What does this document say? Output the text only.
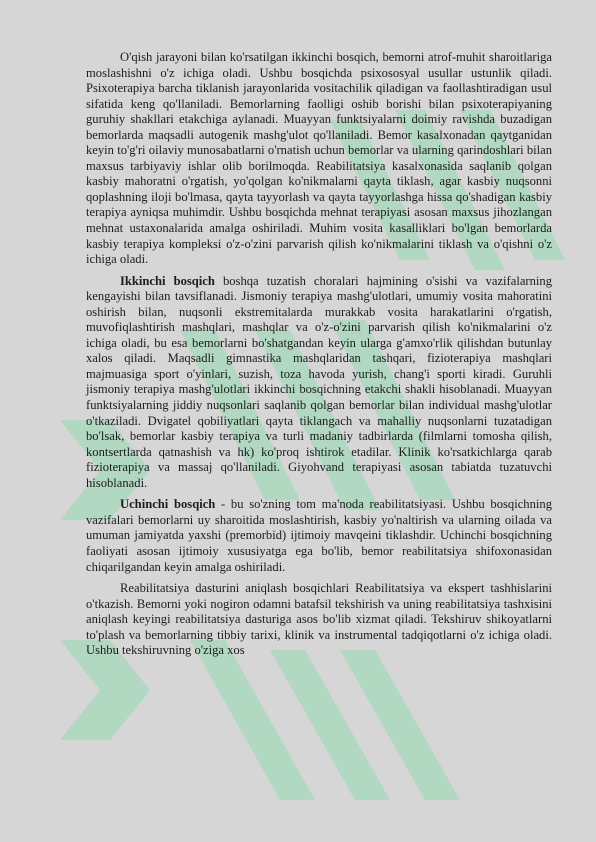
O'qish jarayoni bilan ko'rsatilgan ikkinchi bosqich, bemorni atrof-muhit sharoitlariga moslashishni o'z ichiga oladi. Ushbu bosqichda psixososyal usullar ustunlik qiladi. Psixoterapiya barcha tiklanish jarayonlarida vositachilik qiladigan va faollashtiradigan usul sifatida keng qo'llaniladi. Bemorlarning faolligi oshib borishi bilan psixoterapiyaning guruhiy shakllari etakchiga aylanadi. Muayyan funktsiyalarni doimiy ravishda buzadigan bemorlarda maqsadli autogenik mashg'ulot qo'llaniladi. Bemor kasalxonadan qaytganidan keyin to'g'ri oilaviy munosabatlarni o'rnatish uchun bemorlar va ularning qarindoshlari bilan maxsus tarbiyaviy ishlar olib borilmoqda. Reabilitatsiya kasalxonasida saqlanib qolgan kasbiy mahoratni o'rgatish, yo'qolgan ko'nikmalarni qayta tiklash, agar kasbiy nuqsonni qoplashning iloji bo'lmasa, qayta tayyorlash va qayta tayyorlashga hissa qo'shadigan kasbiy terapiya ayniqsa muhimdir. Ushbu bosqichda mehnat terapiyasi asosan maxsus jihozlangan mehnat ustaxonalarida amalga oshiriladi. Muhim vosita kasalliklari bo'lgan bemorlarda kasbiy terapiya kompleksi o'z-o'zini parvarish qilish ko'nikmalarini tiklash va o'qishni o'z ichiga oladi.

Ikkinchi bosqich boshqa tuzatish choralari hajmining o'sishi va vazifalarning kengayishi bilan tavsiflanadi. Jismoniy terapiya mashg'ulotlari, umumiy vosita mahoratini oshirish bilan, nuqsonli ekstremitalarda murakkab vosita harakatlarini o'rgatish, muvofiqlashtirish mashqlari, mashqlar va o'z-o'zini parvarish qilish ko'nikmalarini o'z ichiga oladi, bu esa bemorlarni bo'shatgandan keyin ularga g'amxo'rlik qilishdan butunlay xalos qiladi. Maqsadli gimnastika mashqlaridan tashqari, fizioterapiya mashqlari majmuasiga sport o'yinlari, suzish, toza havoda yurish, chang'i sporti kiradi. Guruhli jismoniy terapiya mashg'ulotlari ikkinchi bosqichning etakchi shakli hisoblanadi. Muayyan funktsiyalarning jiddiy nuqsonlari saqlanib qolgan bemorlar bilan individual mashg'ulotlar o'tkaziladi. Dvigatel qobiliyatlari qayta tiklangach va mahalliy nuqsonlarni tuzatadigan bo'lsak, bemorlar kasbiy terapiya va turli madaniy tadbirlarda (filmlarni tomosha qilish, kontsertlarda qatnashish va hk) ko'proq ishtirok etadilar. Klinik ko'rsatkichlarga qarab fizioterapiya va massaj qo'llaniladi. Giyohvand terapiyasi asosan tabiatda tuzatuvchi hisoblanadi.

Uchinchi bosqich - bu so'zning tom ma'noda reabilitatsiyasi. Ushbu bosqichning vazifalari bemorlarni uy sharoitida moslashtirish, kasbiy yo'naltirish va ularning oilada va umuman jamiyatda yaxshi (premorbid) ijtimoiy mavqeini tiklashdir. Uchinchi bosqichning faoliyati asosan ijtimoiy xususiyatga ega bo'lib, bemor reabilitatsiya shifoxonasidan chiqarilgandan keyin amalga oshiriladi.

Reabilitatsiya dasturini aniqlash bosqichlari Reabilitatsiya va ekspert tashhislarini o'tkazish. Bemorni yoki nogiron odamni batafsil tekshirish va uning reabilitatsiya tashxisini aniqlash keyingi reabilitatsiya dasturiga asos bo'lib xizmat qiladi. Tekshiruv shikoyatlarni to'plash va bemorlarning tibbiy tarixi, klinik va instrumental tadqiqotlarni o'z ichiga oladi. Ushbu tekshiruvning o'ziga xos
